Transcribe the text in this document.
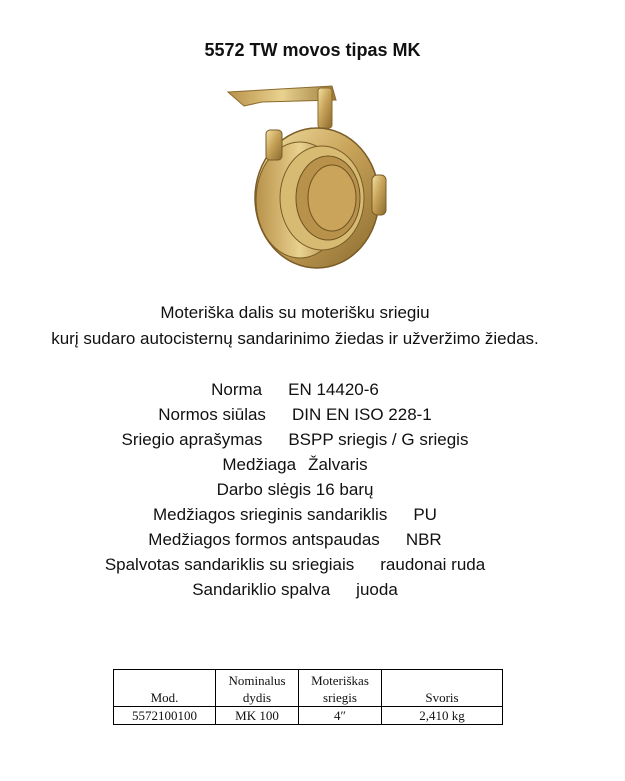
5572 TW movos tipas MK
Moteriška dalis su moterišku sriegiu
kurį sudaro autocisternų sandarinimo žiedas ir užveržimo žiedas.
Norma EN 14420-6
Normos siūlas DIN EN ISO 228-1
Sriegio aprašymas BSPP sriegis / G sriegis
Medžiaga Žalvaris
Darbo slėgis 16 barų
Medžiagos srieginis sandariklis PU
Medžiagos formos antspaudas NBR
Spalvotas sandariklis su sriegiais raudonai ruda
Sandariklio spalva juoda
Mod.	Nominalus dydis	Moteriškas sriegis	Svoris
5572100100	MK 100	4″	2,410 kg
